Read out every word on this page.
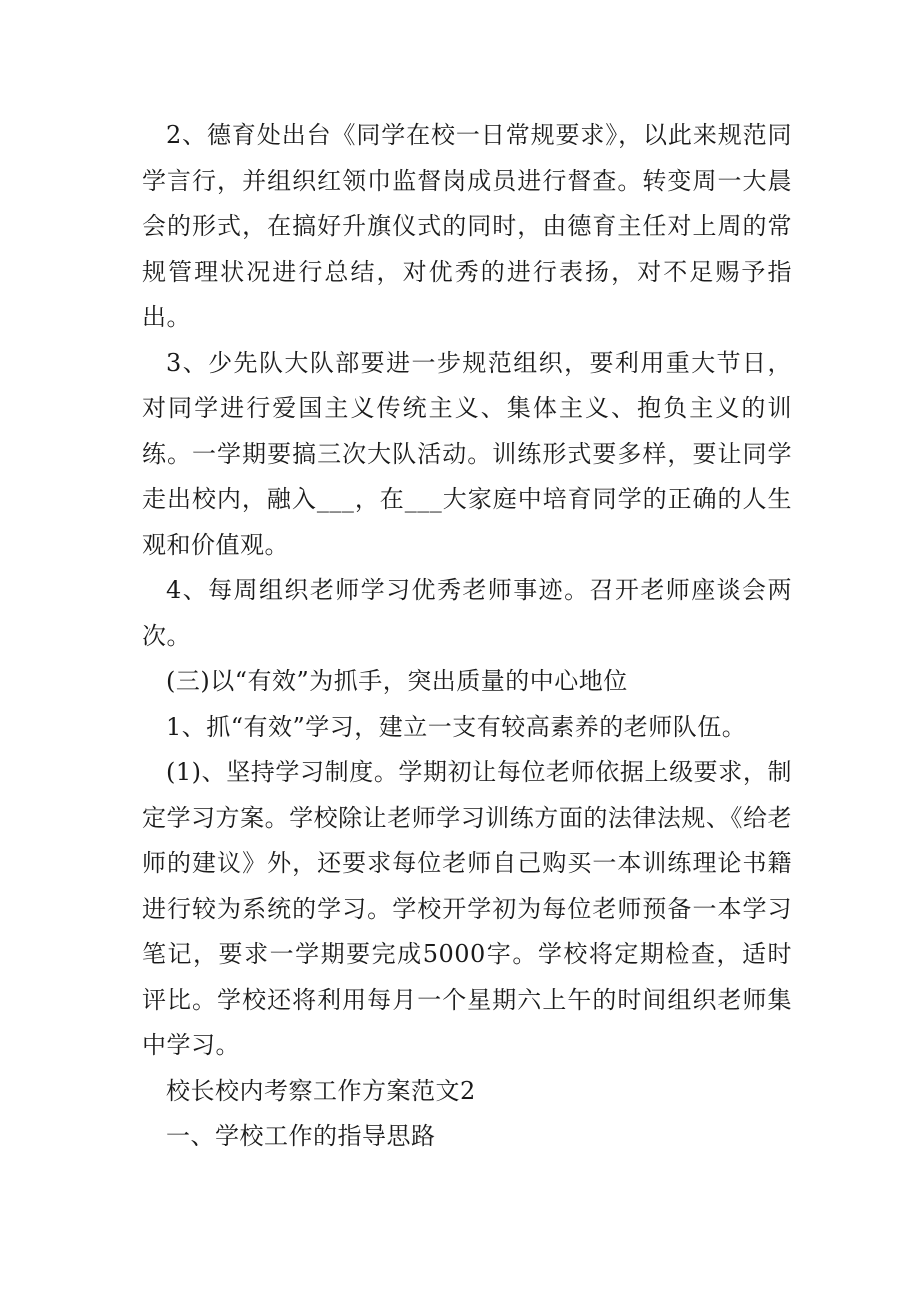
2、德育处出台《同学在校一日常规要求》，以此来规范同学言行，并组织红领巾监督岗成员进行督查。转变周一大晨会的形式，在搞好升旗仪式的同时，由德育主任对上周的常规管理状况进行总结，对优秀的进行表扬，对不足赐予指出。

3、少先队大队部要进一步规范组织，要利用重大节日，对同学进行爱国主义传统主义、集体主义、抱负主义的训练。一学期要搞三次大队活动。训练形式要多样，要让同学走出校内，融入___，在___大家庭中培育同学的正确的人生观和价值观。

4、每周组织老师学习优秀老师事迹。召开老师座谈会两次。

(三)以“有效”为抓手，突出质量的中心地位

1、抓“有效”学习，建立一支有较高素养的老师队伍。

(1)、坚持学习制度。学期初让每位老师依据上级要求，制定学习方案。学校除让老师学习训练方面的法律法规、《给老师的建议》外，还要求每位老师自己购买一本训练理论书籍进行较为系统的学习。学校开学初为每位老师预备一本学习笔记，要求一学期要完成5000字。学校将定期检查，适时评比。学校还将利用每月一个星期六上午的时间组织老师集中学习。

校长校内考察工作方案范文2

一、学校工作的指导思路
